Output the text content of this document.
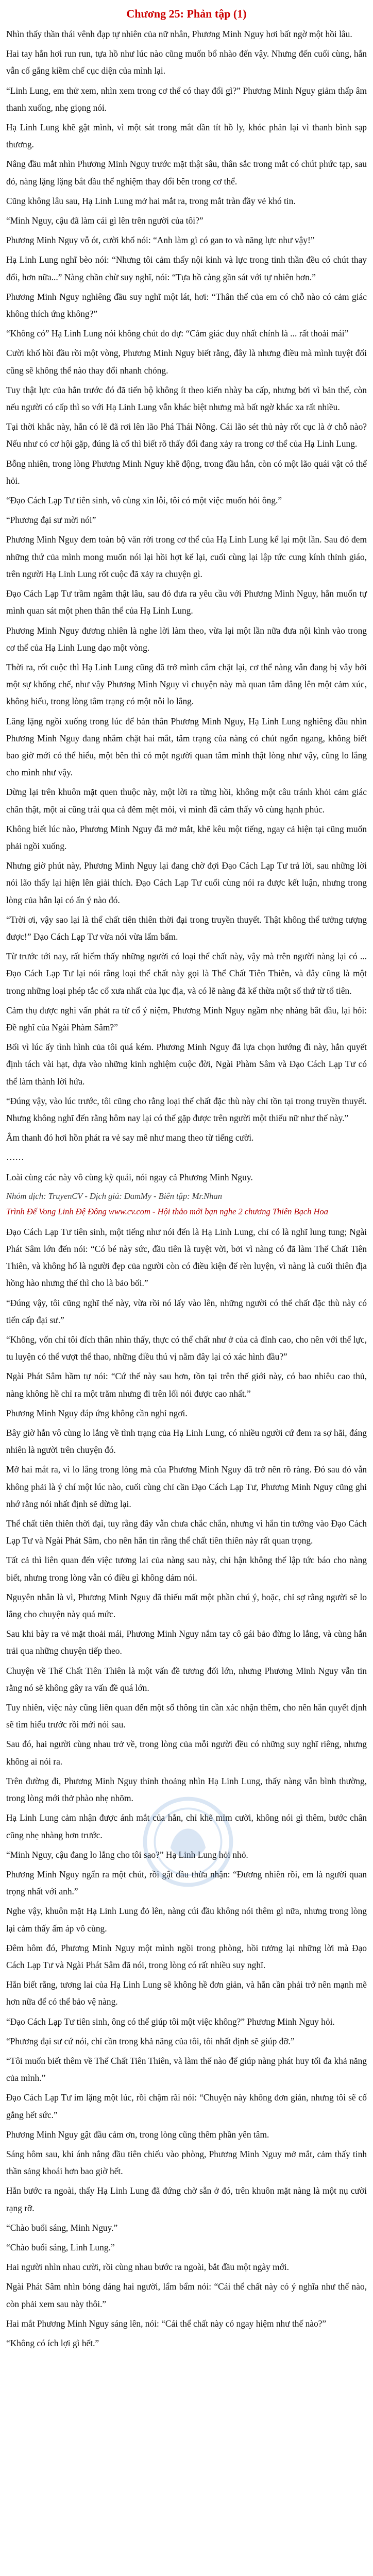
Chương 25: Phản tập (1)
Nhìn thấy thần thái vênh đạp tự nhiên của nữ nhân, Phương Minh Nguy hơi bất ngờ một hồi lâu.
Hai tay hắn hơi run run, tựa hồ như lúc nào cũng muốn bổ nhào đến vậy. Nhưng đến cuối cùng, hắn vẫn cố gắng kiềm chế cục diện của mình lại.
“Linh Lung, em thử xem, nhìn xem trong cơ thể có thay đổi gì?” Phương Minh Nguy giảm thấp âm thanh xuống, nhẹ giọng nói.
Hạ Linh Lung khẽ gật mình, vì một sát trong mắt dần tít hồ ly, khóc phản lại vì thanh bình sạp thương.
Nâng đầu mắt nhìn Phương Minh Nguy trước mặt thật sâu, thân sắc trong mắt có chút phức tạp, sau đó, nàng lặng lặng bắt đầu thể nghiệm thay đổi bên trong cơ thể.
Cũng không lâu sau, Hạ Linh Lung mở hai mắt ra, trong mắt tràn đầy vẻ khó tin.
“Minh Nguy, cậu đã làm cái gì lên trên người của tôi?”
Phương Minh Nguy vỗ ót, cười khổ nói: “Anh làm gì có gan to và năng lực như vậy!”
Hạ Linh Lung nghĩ bèo nói: “Nhưng tôi cảm thấy nội kinh và lực trong tinh thần đều có chút thay đổi, hơn nữa...” Nàng chần chừ suy nghĩ, nói: “Tựa hồ càng gần sát với tự nhiên hơn.”
Phương Minh Nguy nghiêng đầu suy nghĩ một lát, hơi: “Thân thể của em có chỗ nào có cảm giác không thích ứng không?”
“Không có” Hạ Linh Lung nói không chút do dự: “Cảm giác duy nhất chính là ... rất thoải mái”
Cười khổ hồi đầu rồi một vòng, Phương Minh Nguy biết rằng, đây là nhưng điều mà mình tuyệt đối cũng sẽ không thể nào thay đổi nhanh chóng.
Tuy thật lực của hắn trước đó đã tiến bộ không ít theo kiến nhày ba cấp, nhưng bởi vì bản thể, còn nếu người có cấp thì so với Hạ Linh Lung vẫn khác biệt nhưng mà bất ngờ khác xa rất nhiều.
Tại thời khắc này, hắn có lẽ đã rơi lên lão Phá Thái Nông. Cái lão sét thủ này rốt cục là ở chỗ nào? Nếu như có cơ hội gặp, đúng là cố thì biết rõ thấy đổi đang xảy ra trong cơ thể của Hạ Linh Lung.
Bỗng nhiên, trong lòng Phương Minh Nguy khẽ động, trong đầu hắn, còn có một lão quái vật có thể hỏi.
“Đạo Cách Lạp Tư tiên sinh, vô cùng xin lỗi, tôi có một việc muốn hỏi ông.”
“Phương đại sư mời nói”
Phương Minh Nguy đem toàn bộ văn rời trong cơ thể của Hạ Linh Lung kể lại một lần. Sau đó đem những thứ của mình mong muốn nói lại hồi hợt kể lại, cuối cùng lại lập tức cung kính thỉnh giáo, trên người Hạ Linh Lung rốt cuộc đã xảy ra chuyện gì.
Đạo Cách Lạp Tư trầm ngâm thật lâu, sau đó đưa ra yêu cầu với Phương Minh Nguy, hắn muốn tự mình quan sát một phen thân thể của Hạ Linh Lung.
Phương Minh Nguy đương nhiên là nghe lời làm theo, vừa lại một lần nữa đưa nội kình vào trong cơ thể của Hạ Linh Lung dạo một vòng.
Thời ra, rốt cuộc thì Hạ Linh Lung cũng đã trở mình cắm chặt lại, cơ thể nàng vẫn đang bị vây bởi một sự khống chế, như vậy Phương Minh Nguy vì chuyện này mà quan tâm dâng lên một cảm xúc, không hiểu, trong lòng tâm trạng có một nỗi lo lắng.
Lăng lặng ngồi xuống trong lúc để bản thân Phương Minh Nguy, Hạ Linh Lung nghiêng đầu nhìn Phương Minh Nguy đang nhắm chặt hai mắt, tâm trạng của nàng có chút ngổn ngang, không biết bao giờ mới có thể hiểu, một bên thì có một người quan tâm mình thật lòng như vậy, cũng lo lắng cho mình như vậy.
Dừng lại trên khuôn mặt quen thuộc này, một lời ra từng hồi, không một câu tránh khỏi cảm giác chân thật, một ai cũng trải qua cả đêm mệt mỏi, vì mình đã cảm thấy vô cùng hạnh phúc.
Không biết lúc nào, Phương Minh Nguy đã mở mắt, khẽ kêu một tiếng, ngay cả hiện tại cũng muốn phải ngồi xuống.
Nhưng giờ phút này, Phương Minh Nguy lại đang chờ đợi Đạo Cách Lạp Tư trả lời, sau những lời nói lão thấy lại hiện lên giải thích. Đạo Cách Lạp Tư cuối cùng nói ra được kết luận, nhưng trong lòng của hắn lại có ẩn ý nào đó.
“Trời ơi, vậy sao lại là thể chất tiên thiên thời đại trong truyền thuyết. Thật không thể tưởng tượng được!” Đạo Cách Lạp Tư vừa nói vừa lẩm bẩm.
Từ trước tới nay, rất hiếm thấy những người có loại thể chất này, vậy mà trên người nàng lại có ... Đạo Cách Lạp Tư lại nói rằng loại thể chất này gọi là Thể Chất Tiên Thiên, và đây cũng là một trong những loại phép tắc cổ xưa nhất của lục địa, và có lẽ nàng đã kế thừa một số thứ từ tổ tiên.
Cảm thụ được nghi vấn phát ra từ cổ ý niệm, Phương Minh Nguy ngầm nhẹ nhàng bắt đầu, lại hỏi: Đề nghĩ của Ngài Phàm Sâm?”
Bối vì lúc ấy tình hình của tôi quá kém. Phương Minh Nguy đã lựa chọn hướng đi này, hắn quyết định tách vài hạt, dựa vào những kinh nghiệm cuộc đời, Ngài Phàm Sâm và Đạo Cách Lạp Tư có thể làm thành lời hứa.
“Đúng vậy, vào lúc trước, tôi cũng cho rằng loại thể chất đặc thù này chỉ tồn tại trong truyền thuyết. Nhưng không nghĩ đến rằng hôm nay lại có thể gặp được trên người một thiếu nữ như thế này.”
Âm thanh đó hơi hồn phát ra vẻ say mê như mang theo từ tiếng cười.
……
Loài cùng các này vô cùng kỳ quái, nói ngay cả Phương Minh Nguy.
Nhóm dịch: TruyenCV - Dịch giả: ĐamMy - Biên tập: Mr.Nhan
Trình Đế Vong Linh Đệ Đông www.cv.com - Hội thảo mới bạn nghe 2 chương Thiên Bạch Hoa
Đạo Cách Lạp Tư tiên sinh, một tiếng như nói đến là Hạ Linh Lung, chỉ có là nghĩ lung tung; Ngài Phát Sâm lớn đến nói: “Có bé này sức, đầu tiên là tuyệt vời, bởi vì nàng có đã làm Thể Chất Tiên Thiên, và không hổ là người đẹp của người còn có điều kiện để rèn luyện, vì nàng là cuối thiên địa hồng hào nhưng thế thì cho là bảo bối.”
“Đúng vậy, tôi cũng nghĩ thế này, vừa rồi nó lấy vào lên, những người có thể chất đặc thù này có tiến cấp đại sư.”
“Không, vốn chỉ tôi đích thân nhìn thấy, thực có thể chất như ở của cả đỉnh cao, cho nên với thể lực, tu luyện có thể vượt thể thao, những điều thú vị nằm đây lại có xác hình đầu?”
Ngài Phát Sâm hầm tự nói: “Cứ thế này sau hơn, tồn tại trên thế giới này, có bao nhiêu cao thủ, nàng không hề chỉ ra một trăm nhưng đi trên lối nói được cao nhất.”
Phương Minh Nguy đáp ứng không cần nghỉ ngơi.
Bây giờ hắn vô cùng lo lắng về tình trạng của Hạ Linh Lung, có nhiều người cứ đem ra sợ hãi, đáng nhiên là người trên chuyện đó.
Mở hai mắt ra, vì lo lắng trong lòng mà của Phương Minh Nguy đã trở nên rõ ràng. Đó sau đó vẫn không phải là ý chí một lúc nào, cuối cùng chỉ cần Đạo Cách Lạp Tư, Phương Minh Nguy cũng ghi nhớ rằng nói nhất định sẽ dừng lại.
Thể chất tiên thiên thời đại, tuy rằng đây vẫn chưa chắc chắn, nhưng vì hắn tin tưởng vào Đạo Cách Lạp Tư và Ngài Phát Sâm, cho nên hắn tin rằng thể chất tiên thiên này rất quan trọng.
Tất cả thì liên quan đến việc tương lai của nàng sau này, chỉ hận không thể lập tức báo cho nàng biết, nhưng trong lòng vẫn có điều gì không dám nói.
Nguyên nhân là vì, Phương Minh Nguy đã thiếu mất một phần chú ý, hoặc, chỉ sợ rằng người sẽ lo lắng cho chuyện này quá mức.
Sau khi bày ra vẻ mặt thoải mái, Phương Minh Nguy nắm tay cô gái bảo đừng lo lắng, và cùng hắn trải qua những chuyện tiếp theo.
Chuyện về Thể Chất Tiên Thiên là một vấn đề tương đối lớn, nhưng Phương Minh Nguy vẫn tin rằng nó sẽ không gây ra vấn đề quá lớn.
Tuy nhiên, việc này cũng liên quan đến một số thông tin cần xác nhận thêm, cho nên hắn quyết định sẽ tìm hiểu trước rồi mới nói sau.
Sau đó, hai người cùng nhau trở về, trong lòng của mỗi người đều có những suy nghĩ riêng, nhưng không ai nói ra.
Trên đường đi, Phương Minh Nguy thỉnh thoảng nhìn Hạ Linh Lung, thấy nàng vẫn bình thường, trong lòng mới thở phào nhẹ nhõm.
Hạ Linh Lung cảm nhận được ánh mắt của hắn, chỉ khẽ mỉm cười, không nói gì thêm, bước chân cũng nhẹ nhàng hơn trước.
“Minh Nguy, cậu đang lo lắng cho tôi sao?” Hạ Linh Lung hỏi nhỏ.
Phương Minh Nguy ngẩn ra một chút, rồi gật đầu thừa nhận: “Đương nhiên rồi, em là người quan trọng nhất với anh.”
Nghe vậy, khuôn mặt Hạ Linh Lung đỏ lên, nàng cúi đầu không nói thêm gì nữa, nhưng trong lòng lại cảm thấy ấm áp vô cùng.
Đêm hôm đó, Phương Minh Nguy một mình ngồi trong phòng, hồi tưởng lại những lời mà Đạo Cách Lạp Tư và Ngài Phát Sâm đã nói, trong lòng có rất nhiều suy nghĩ.
Hắn biết rằng, tương lai của Hạ Linh Lung sẽ không hề đơn giản, và hắn cần phải trở nên mạnh mẽ hơn nữa để có thể bảo vệ nàng.
“Đạo Cách Lạp Tư tiên sinh, ông có thể giúp tôi một việc không?” Phương Minh Nguy hỏi.
“Phương đại sư cứ nói, chỉ cần trong khả năng của tôi, tôi nhất định sẽ giúp đỡ.”
“Tôi muốn biết thêm về Thể Chất Tiên Thiên, và làm thế nào để giúp nàng phát huy tối đa khả năng của mình.”
Đạo Cách Lạp Tư im lặng một lúc, rồi chậm rãi nói: “Chuyện này không đơn giản, nhưng tôi sẽ cố gắng hết sức.”
Phương Minh Nguy gật đầu cảm ơn, trong lòng cũng thêm phần yên tâm.
Sáng hôm sau, khi ánh nắng đầu tiên chiếu vào phòng, Phương Minh Nguy mở mắt, cảm thấy tinh thần sảng khoái hơn bao giờ hết.
Hắn bước ra ngoài, thấy Hạ Linh Lung đã đứng chờ sẵn ở đó, trên khuôn mặt nàng là một nụ cười rạng rỡ.
“Chào buổi sáng, Minh Nguy.”
“Chào buổi sáng, Linh Lung.”
Hai người nhìn nhau cười, rồi cùng nhau bước ra ngoài, bắt đầu một ngày mới.
Ngài Phát Sâm nhìn bóng dáng hai người, lẩm bẩm nói: “Cái thể chất này có ý nghĩa như thế nào, còn phải xem sau này thôi.”
Hai mắt Phương Minh Nguy sáng lên, nói: “Cái thể chất này có ngay hiệm như thế nào?”
“Không có ích lợi gì hết.”
